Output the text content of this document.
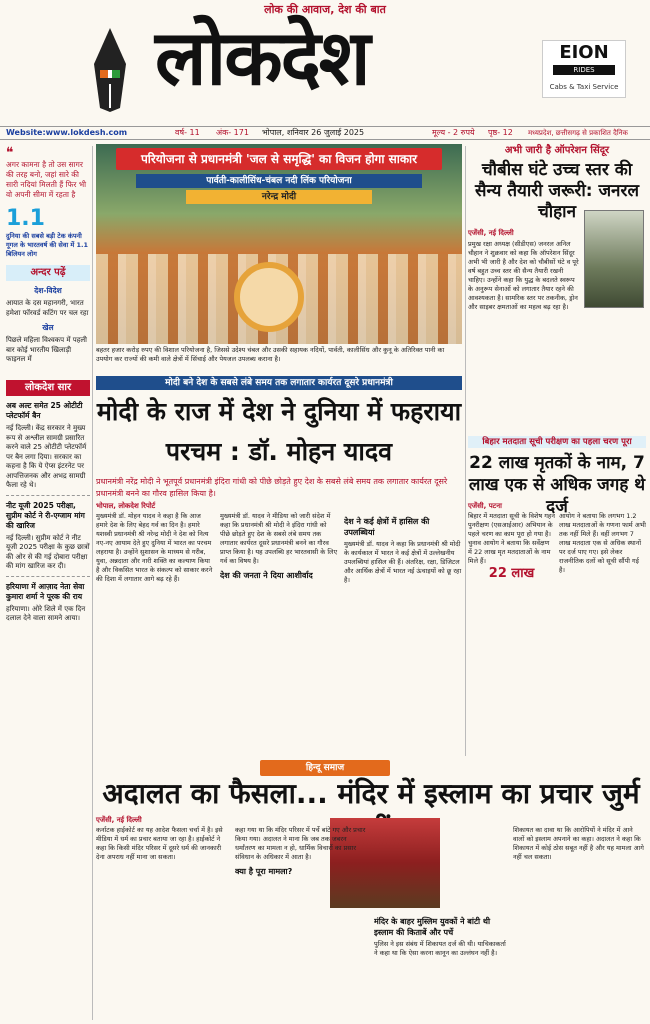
लोक की आवाज, देश की बात
लोकदेश	EION
RIDES
Cabs & Taxi Service
Website:www.lokdesh.com	वर्ष- 11 अंक- 171 भोपाल, शनिवार 26 जुलाई 2025	मूल्य - 2 रुपये पृष्ठ- 12 मध्यप्रदेश, छत्तीसगढ़ से प्रकाशित दैनिक
❝
अगर कामना है तो उस सागर की तरह बनो, जहां सारे की सारी नदियां मिलती हैं फिर भी वो अपनी सीमा में रहता है
1.1
दुनिया की सबसे बड़ी टेक कंपनी गूगल के भारतवर्ष की सेवा में 1.1 बिलियन लोग
अन्दर पढ़ें
देश-विदेश
आयात के दस महानगरी, भारत हमेशा फॉरवर्ड कटिंग पर चल रहा
खेल
पिछले महिला विश्वकप में पहली बार कोई भारतीय खिलाड़ी फाइनल में
लोकदेश सार
अब अल्ट समेत 25 ओटीटी प्लेटफॉर्म बैन
नई दिल्ली। केंद्र सरकार ने मुख्य रूप से अश्लील सामग्री प्रसारित करने वाले 25 ओटीटी प्लेटफॉर्म पर बैन लगा दिया। सरकार का कहना है कि ये ऐप्स इंटरनेट पर आपत्तिजनक और अभद्र सामग्री फैला रहे थे।
नीट यूजी 2025 परीक्षा, सुप्रीम कोर्ट ने री-एग्जाम मांग की खारिज
नई दिल्ली। सुप्रीम कोर्ट ने नीट यूजी 2025 परीक्षा के कुछ छात्रों की ओर से की गई दोबारा परीक्षा की मांग खारिज कर दी।
हरियाणा में आज़ाद नेता सेवा कुमारा शर्मा ने पूरक की राय
हरियाणा। ओरे शिले में एक दिन दलाल देने वाला सामने आया।
परियोजना से प्रधानमंत्री 'जल से समृद्धि' का विजन होगा साकार
पार्वती-कालीसिंध-चंबल नदी लिंक परियोजना
नरेन्द्र मोदी
बहतर हजार करोड़ रुपए की विशाल परियोजना है, जिससे उदेश्य चंबल और उसकी सहायक नदियों, पार्वती, कालीसिंध और कुनू के अतिरिक्त पानी का उपयोग कर राज्यों की कमी वाले क्षेत्रों में सिंचाई और पेयजल उपलब्ध कराना है।
मोदी बने देश के सबसे लंबे समय तक लगातार कार्यरत दूसरे प्रधानमंत्री
मोदी के राज में देश ने दुनिया में फहराया परचम : डॉ. मोहन यादव
प्रधानमंत्री नरेंद्र मोदी ने भूतपूर्व प्रधानमंत्री इंदिरा गांधी को पीछे छोड़ते हुए देश के सबसे लंबे समय तक लगातार कार्यरत दूसरे प्रधानमंत्री बनने का गौरव हासिल किया है।
भोपाल, लोकदेश रिपोर्ट
मुख्यमंत्री डॉ. मोहन यादव ने कहा है कि आज हमारे देश के लिए बेहद गर्व का दिन है। हमारे यशस्वी प्रधानमंत्री श्री नरेन्द्र मोदी ने देश को नित्य नए-नए आयाम देते हुए दुनिया में भारत का परचम लहराया है। उन्होंने सुशासन के माध्यम से गरीब, युवा, अन्नदाता और नारी शक्ति का कल्याण किया है और विकसित भारत के संकल्प को साकार करने की दिशा में लगातार आगे बढ़ रहे हैं।
मुख्यमंत्री डॉ. यादव ने मीडिया को जारी संदेश में कहा कि प्रधानमंत्री श्री मोदी ने इंदिरा गांधी को पीछे छोड़ते हुए देश के सबसे लंबे समय तक लगातार कार्यरत दूसरे प्रधानमंत्री बनने का गौरव प्राप्त किया है। यह उपलब्धि हर भारतवासी के लिए गर्व का विषय है।
देश की जनता ने दिया आशीर्वाद
देश ने कई क्षेत्रों में हासिल की उपलब्धियां
मुख्यमंत्री डॉ. यादव ने कहा कि प्रधानमंत्री श्री मोदी के कार्यकाल में भारत ने कई क्षेत्रों में उल्लेखनीय उपलब्धियां हासिल की हैं। अंतरिक्ष, रक्षा, डिजिटल और आर्थिक क्षेत्रों में भारत नई ऊंचाइयों को छू रहा है।
अभी जारी है ऑपरेशन सिंदूर
चौबीस घंटे उच्च स्तर की सैन्य तैयारी जरूरी: जनरल चौहान
एजेंसी, नई दिल्ली
प्रमुख रक्षा अध्यक्ष (सीडीएस) जनरल अनिल चौहान ने शुक्रवार को कहा कि ऑपरेशन सिंदूर अभी भी जारी है और देश को चौबीसों घंटे व पूरे वर्ष बहुत उच्च स्तर की सैन्य तैयारी रखनी चाहिए। उन्होंने कहा कि युद्ध के बदलते स्वरूप के अनुरूप सेनाओं को लगातार तैयार रहने की आवश्यकता है। सामरिक स्तर पर तकनीक, ड्रोन और साइबर क्षमताओं का महत्व बढ़ रहा है।
बिहार मतदाता सूची परीक्षण का पहला चरण पूरा
22 लाख मृतकों के नाम, 7 लाख एक से अधिक जगह थे दर्ज
एजेंसी, पटना
बिहार में मतदाता सूची के विशेष गहन पुनरीक्षण (एसआईआर) अभियान के पहले चरण का काम पूरा हो गया है। चुनाव आयोग ने बताया कि सर्वेक्षण में 22 लाख मृत मतदाताओं के नाम मिले हैं।
22 लाख
आयोग ने बताया कि लगभग 1.2 लाख मतदाताओं के गणना फार्म अभी तक नहीं मिले हैं। वहीं लगभग 7 लाख मतदाता एक से अधिक स्थानों पर दर्ज पाए गए। इसे लेकर राजनीतिक दलों को सूची सौंपी गई है।
हिन्दू समाज
अदालत का फैसला... मंदिर में इस्लाम का प्रचार जुर्म
एजेंसी, नई दिल्ली
कर्नाटक हाईकोर्ट का यह आदेश फैसला चर्चा में है। इसे मीडिया में धर्म का प्रचार बताया जा रहा है। हाईकोर्ट ने कहा कि किसी मंदिर परिसर में दूसरे धर्म की जानकारी देना अपराध नहीं माना जा सकता।
कहा गया था कि मंदिर परिसर में पर्चे बांटे गए और प्रचार किया गया। अदालत ने माना कि जब तक जबरन धर्मांतरण का मामला न हो, धार्मिक विचारों का प्रसार संविधान के अधिकार में आता है।
क्या है पूरा मामला?
मंदिर के बाहर मुस्लिम युवकों ने बांटी थी इस्लाम की किताबें और पर्चे
पुलिस ने इस संबंध में शिकायत दर्ज की थी। याचिकाकर्ता ने कहा था कि ऐसा करना कानून का उल्लंघन नहीं है।
शिकायत का दावा था कि आरोपियों ने मंदिर में आने वालों को इस्लाम अपनाने का कहा। अदालत ने कहा कि शिकायत में कोई ठोस सबूत नहीं है और यह मामला आगे नहीं चल सकता।
